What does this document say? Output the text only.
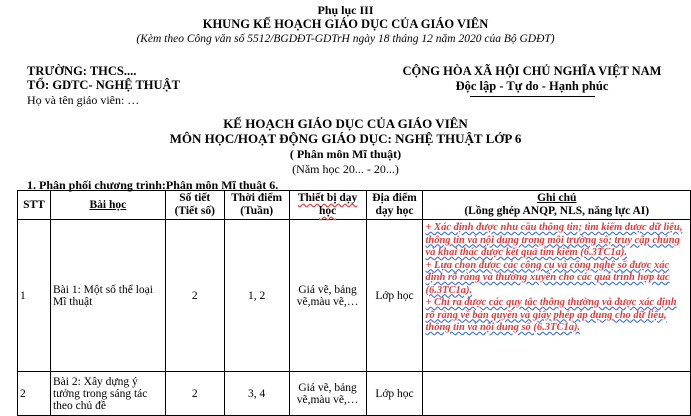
Phụ lục III
KHUNG KẾ HOẠCH GIÁO DỤC CỦA GIÁO VIÊN
(Kèm theo Công văn số 5512/BGDĐT-GDTrH ngày 18 tháng 12 năm 2020 của Bộ GDĐT)
TRƯỜNG: THCS....
TỔ: GDTC- NGHỆ THUẬT
Họ và tên giáo viên: …
CỘNG HÒA XÃ HỘI CHỦ NGHĨA VIỆT NAM
Độc lập - Tự do - Hạnh phúc
KẾ HOẠCH GIÁO DỤC CỦA GIÁO VIÊN
MÔN HỌC/HOẠT ĐỘNG GIÁO DỤC: NGHỆ THUẬT LỚP 6
( Phân môn Mĩ thuật)
(Năm học 20... - 20...)
1. Phân phối chương trình:Phân môn Mĩ thuật 6.
STT	Bài học	Số tiết (Tiết số)	Thời điểm (Tuần)	Thiết bị dạy học	Địa điểm dạy học	Ghi chú
(Lồng ghép ANQP, NLS, năng lực AI)

1	Bài 1: Một số thể loại Mĩ thuật	2	1, 2	Giá vẽ, bảng vẽ,màu vẽ,…	Lớp học	+ Xác định được nhu cầu thông tin; tìm kiếm được dữ liệu, thông tin và nội dung trong môi trường số; truy cập chúng và khai thác được kết quả tìm kiếm (6.3TC1a).

+ Lựa chọn được các công cụ và công nghệ số được xác định rõ ràng và thường xuyên cho các quá trình hợp tác (6.3TC1a).

+ Chỉ ra được các quy tắc thông thường và được xác định rõ ràng về bản quyền và giấy phép áp dụng cho dữ liệu, thông tin và nội dung số (6.3TC1a).

2	Bài 2: Xây dựng ý tưởng trong sáng tác theo chủ đề	2	3, 4	Giá vẽ, bảng vẽ,màu vẽ,…	Lớp học	
